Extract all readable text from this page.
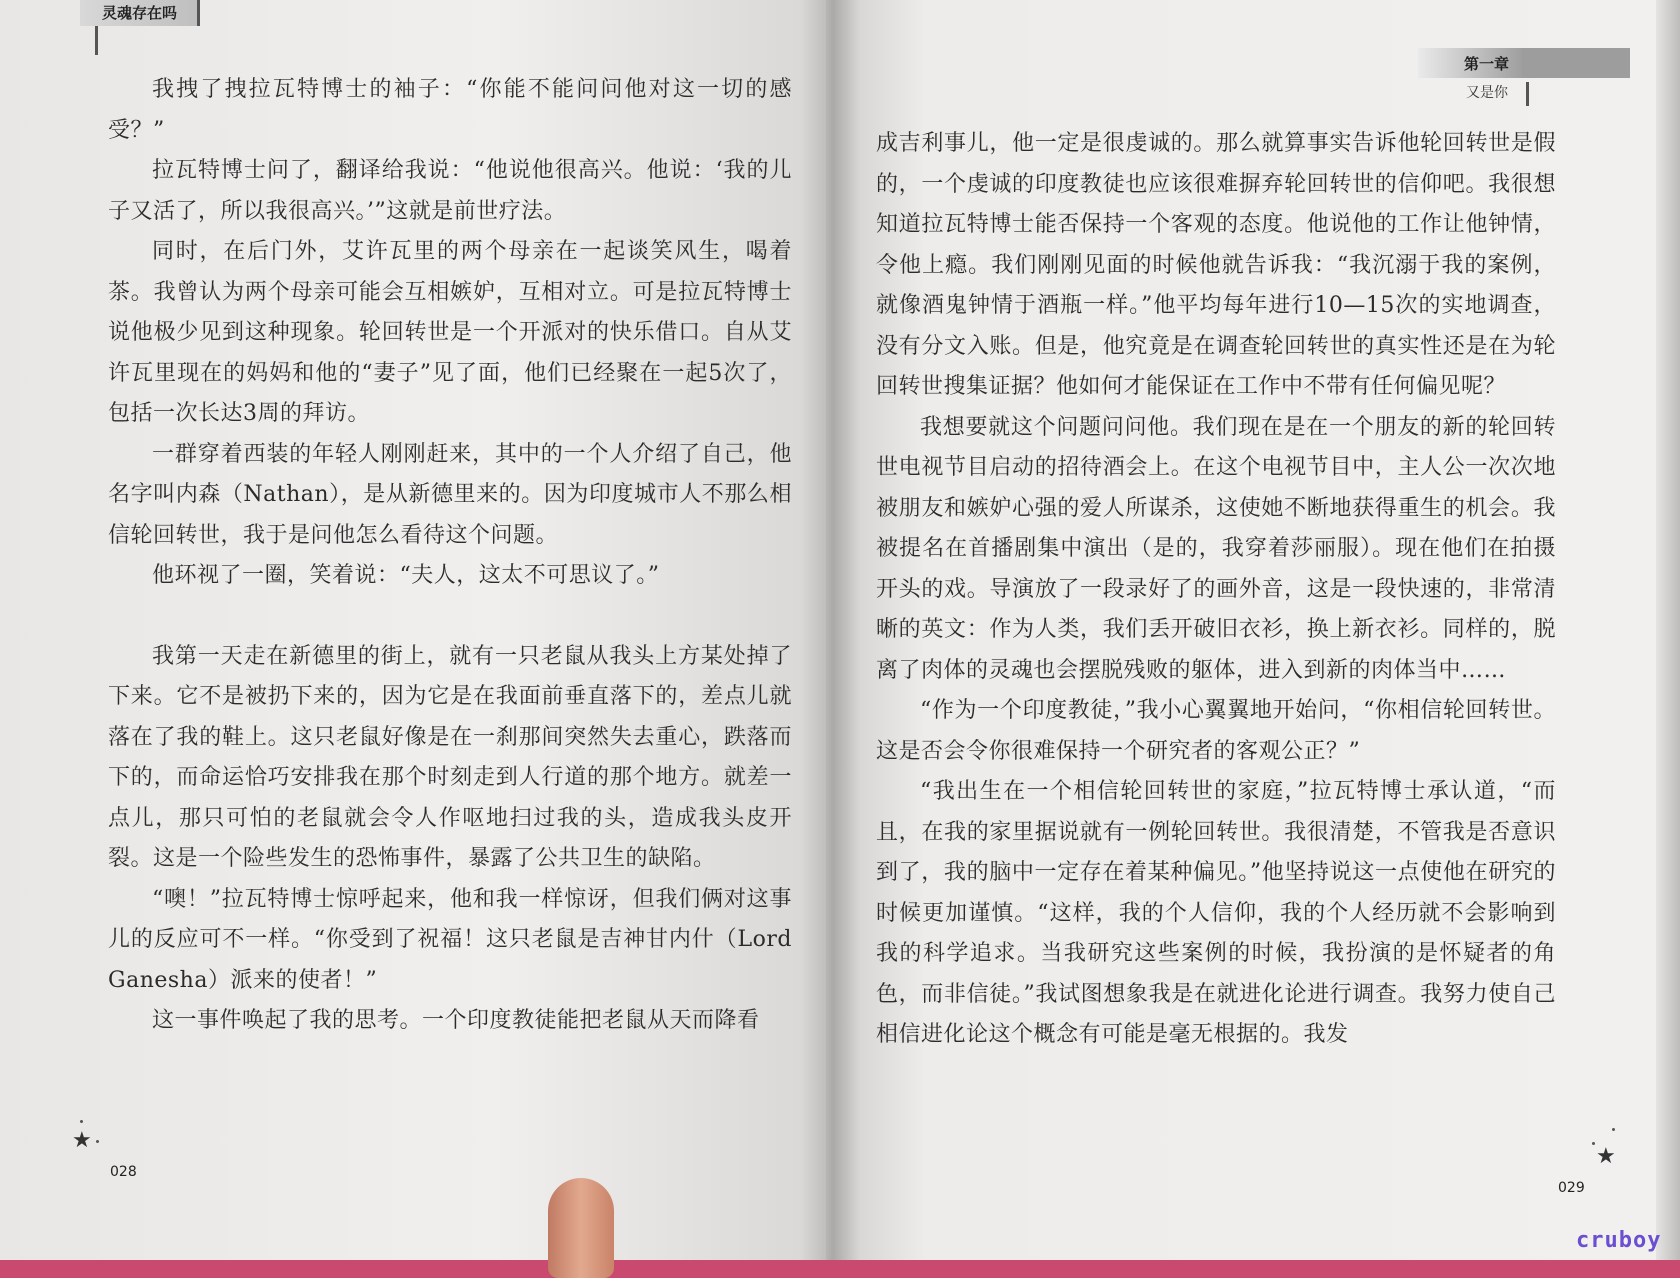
我拽了拽拉瓦特博士的袖子：“你能不能问问他对这一切的感受？”

拉瓦特博士问了，翻译给我说：“他说他很高兴。他说：‘我的儿子又活了，所以我很高兴。’”这就是前世疗法。

同时，在后门外，艾许瓦里的两个母亲在一起谈笑风生，喝着茶。我曾认为两个母亲可能会互相嫉妒，互相对立。可是拉瓦特博士说他极少见到这种现象。轮回转世是一个开派对的快乐借口。自从艾许瓦里现在的妈妈和他的“妻子”见了面，他们已经聚在一起5次了，包括一次长达3周的拜访。

一群穿着西装的年轻人刚刚赶来，其中的一个人介绍了自己，他名字叫内森（Nathan），是从新德里来的。因为印度城市人不那么相信轮回转世，我于是问他怎么看待这个问题。

他环视了一圈，笑着说：“夫人，这太不可思议了。”

我第一天走在新德里的街上，就有一只老鼠从我头上方某处掉了下来。它不是被扔下来的，因为它是在我面前垂直落下的，差点儿就落在了我的鞋上。这只老鼠好像是在一刹那间突然失去重心，跌落而下的，而命运恰巧安排我在那个时刻走到人行道的那个地方。就差一点儿，那只可怕的老鼠就会令人作呕地扫过我的头，造成我头皮开裂。这是一个险些发生的恐怖事件，暴露了公共卫生的缺陷。

“噢！”拉瓦特博士惊呼起来，他和我一样惊讶，但我们俩对这事儿的反应可不一样。“你受到了祝福！这只老鼠是吉神甘内什（Lord Ganesha）派来的使者！”

这一事件唤起了我的思考。一个印度教徒能把老鼠从天而降看

成吉利事儿，他一定是很虔诚的。那么就算事实告诉他轮回转世是假的，一个虔诚的印度教徒也应该很难摒弃轮回转世的信仰吧。我很想知道拉瓦特博士能否保持一个客观的态度。他说他的工作让他钟情，令他上瘾。我们刚刚见面的时候他就告诉我：“我沉溺于我的案例，就像酒鬼钟情于酒瓶一样。”他平均每年进行10—15次的实地调查，没有分文入账。但是，他究竟是在调查轮回转世的真实性还是在为轮回转世搜集证据？他如何才能保证在工作中不带有任何偏见呢？

我想要就这个问题问问他。我们现在是在一个朋友的新的轮回转世电视节目启动的招待酒会上。在这个电视节目中，主人公一次次地被朋友和嫉妒心强的爱人所谋杀，这使她不断地获得重生的机会。我被提名在首播剧集中演出（是的，我穿着莎丽服）。现在他们在拍摄开头的戏。导演放了一段录好了的画外音，这是一段快速的，非常清晰的英文：作为人类，我们丢开破旧衣衫，换上新衣衫。同样的，脱离了肉体的灵魂也会摆脱残败的躯体，进入到新的肉体当中……

“作为一个印度教徒，”我小心翼翼地开始问，“你相信轮回转世。这是否会令你很难保持一个研究者的客观公正？”

“我出生在一个相信轮回转世的家庭，”拉瓦特博士承认道，“而且，在我的家里据说就有一例轮回转世。我很清楚，不管我是否意识到了，我的脑中一定存在着某种偏见。”他坚持说这一点使他在研究的时候更加谨慎。“这样，我的个人信仰，我的个人经历就不会影响到我的科学追求。当我研究这些案例的时候，我扮演的是怀疑者的角色，而非信徒。”我试图想象我是在就进化论进行调查。我努力使自己相信进化论这个概念有可能是毫无根据的。我发

灵魂存在吗
第一章
又是你
★
028
★
029
cruboy
